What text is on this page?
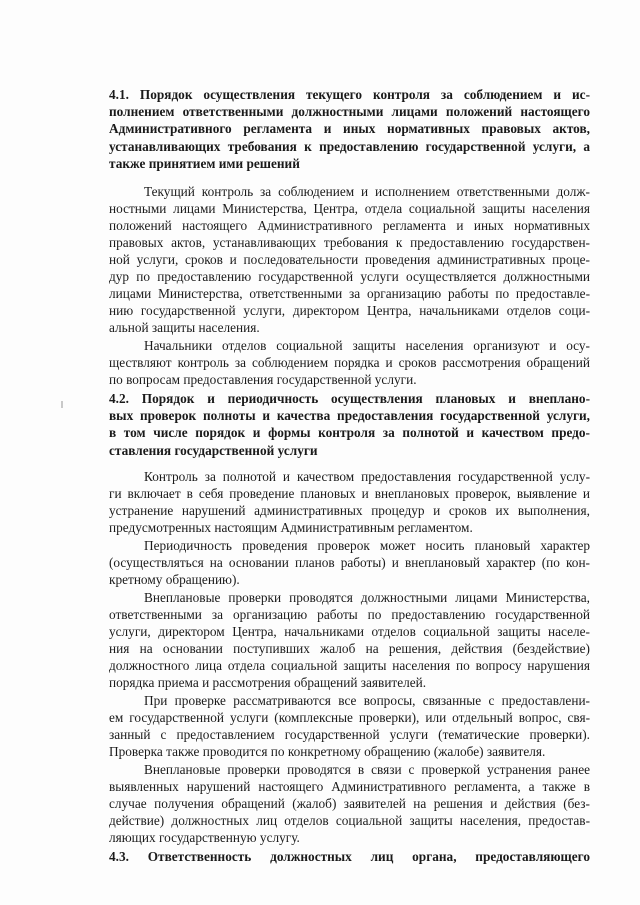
4.1. Порядок осуществления текущего контроля за соблюдением и ис-
полнением ответственными должностными лицами положений настоящего
Административного регламента и иных нормативных правовых актов,
устанавливающих требования к предоставлению государственной услуги, а
также принятием ими решений
Текущий контроль за соблюдением и исполнением ответственными долж-
ностными лицами Министерства, Центра, отдела социальной защиты населения
положений настоящего Административного регламента и иных нормативных
правовых актов, устанавливающих требования к предоставлению государствен-
ной услуги, сроков и последовательности проведения административных проце-
дур по предоставлению государственной услуги осуществляется должностными
лицами Министерства, ответственными за организацию работы по предоставле-
нию государственной услуги, директором Центра, начальниками отделов соци-
альной защиты населения.
Начальники отделов социальной защиты населения организуют и осу-
ществляют контроль за соблюдением порядка и сроков рассмотрения обращений
по вопросам предоставления государственной услуги.
4.2. Порядок и периодичность осуществления плановых и внеплано-
вых проверок полноты и качества предоставления государственной услуги,
в том числе порядок и формы контроля за полнотой и качеством предо-
ставления государственной услуги
Контроль за полнотой и качеством предоставления государственной услу-
ги включает в себя проведение плановых и внеплановых проверок, выявление и
устранение нарушений административных процедур и сроков их выполнения,
предусмотренных настоящим Административным регламентом.
Периодичность проведения проверок может носить плановый характер
(осуществляться на основании планов работы) и внеплановый характер (по кон-
кретному обращению).
Внеплановые проверки проводятся должностными лицами Министерства,
ответственными за организацию работы по предоставлению государственной
услуги, директором Центра, начальниками отделов социальной защиты населе-
ния на основании поступивших жалоб на решения, действия (бездействие)
должностного лица отдела социальной защиты населения по вопросу нарушения
порядка приема и рассмотрения обращений заявителей.
При проверке рассматриваются все вопросы, связанные с предоставлени-
ем государственной услуги (комплексные проверки), или отдельный вопрос, свя-
занный с предоставлением государственной услуги (тематические проверки).
Проверка также проводится по конкретному обращению (жалобе) заявителя.
Внеплановые проверки проводятся в связи с проверкой устранения ранее
выявленных нарушений настоящего Административного регламента, а также в
случае получения обращений (жалоб) заявителей на решения и действия (без-
действие) должностных лиц отделов социальной защиты населения, предостав-
ляющих государственную услугу.
4.3. Ответственность должностных лиц органа, предоставляющего
